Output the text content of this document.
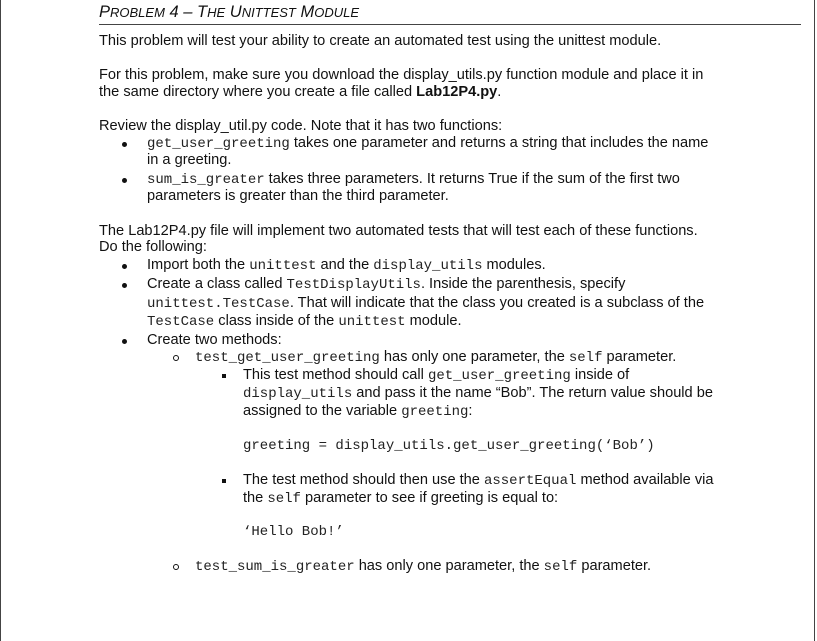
PROBLEM 4 – THE UNITTEST MODULE
This problem will test your ability to create an automated test using the unittest module.
For this problem, make sure you download the display_utils.py function module and place it in
the same directory where you create a file called Lab12P4.py.
Review the display_util.py code. Note that it has two functions:
get_user_greeting takes one parameter and returns a string that includes the name
in a greeting.
sum_is_greater takes three parameters. It returns True if the sum of the first two
parameters is greater than the third parameter.
The Lab12P4.py file will implement two automated tests that will test each of these functions.
Do the following:
Import both the unittest and the display_utils modules.
Create a class called TestDisplayUtils. Inside the parenthesis, specify
unittest.TestCase. That will indicate that the class you created is a subclass of the
TestCase class inside of the unittest module.
Create two methods:
test_get_user_greeting has only one parameter, the self parameter.
This test method should call get_user_greeting inside of
display_utils and pass it the name “Bob”. The return value should be
assigned to the variable greeting:
greeting = display_utils.get_user_greeting(‘Bob’)
The test method should then use the assertEqual method available via
the self parameter to see if greeting is equal to:
‘Hello Bob!’
test_sum_is_greater has only one parameter, the self parameter.
